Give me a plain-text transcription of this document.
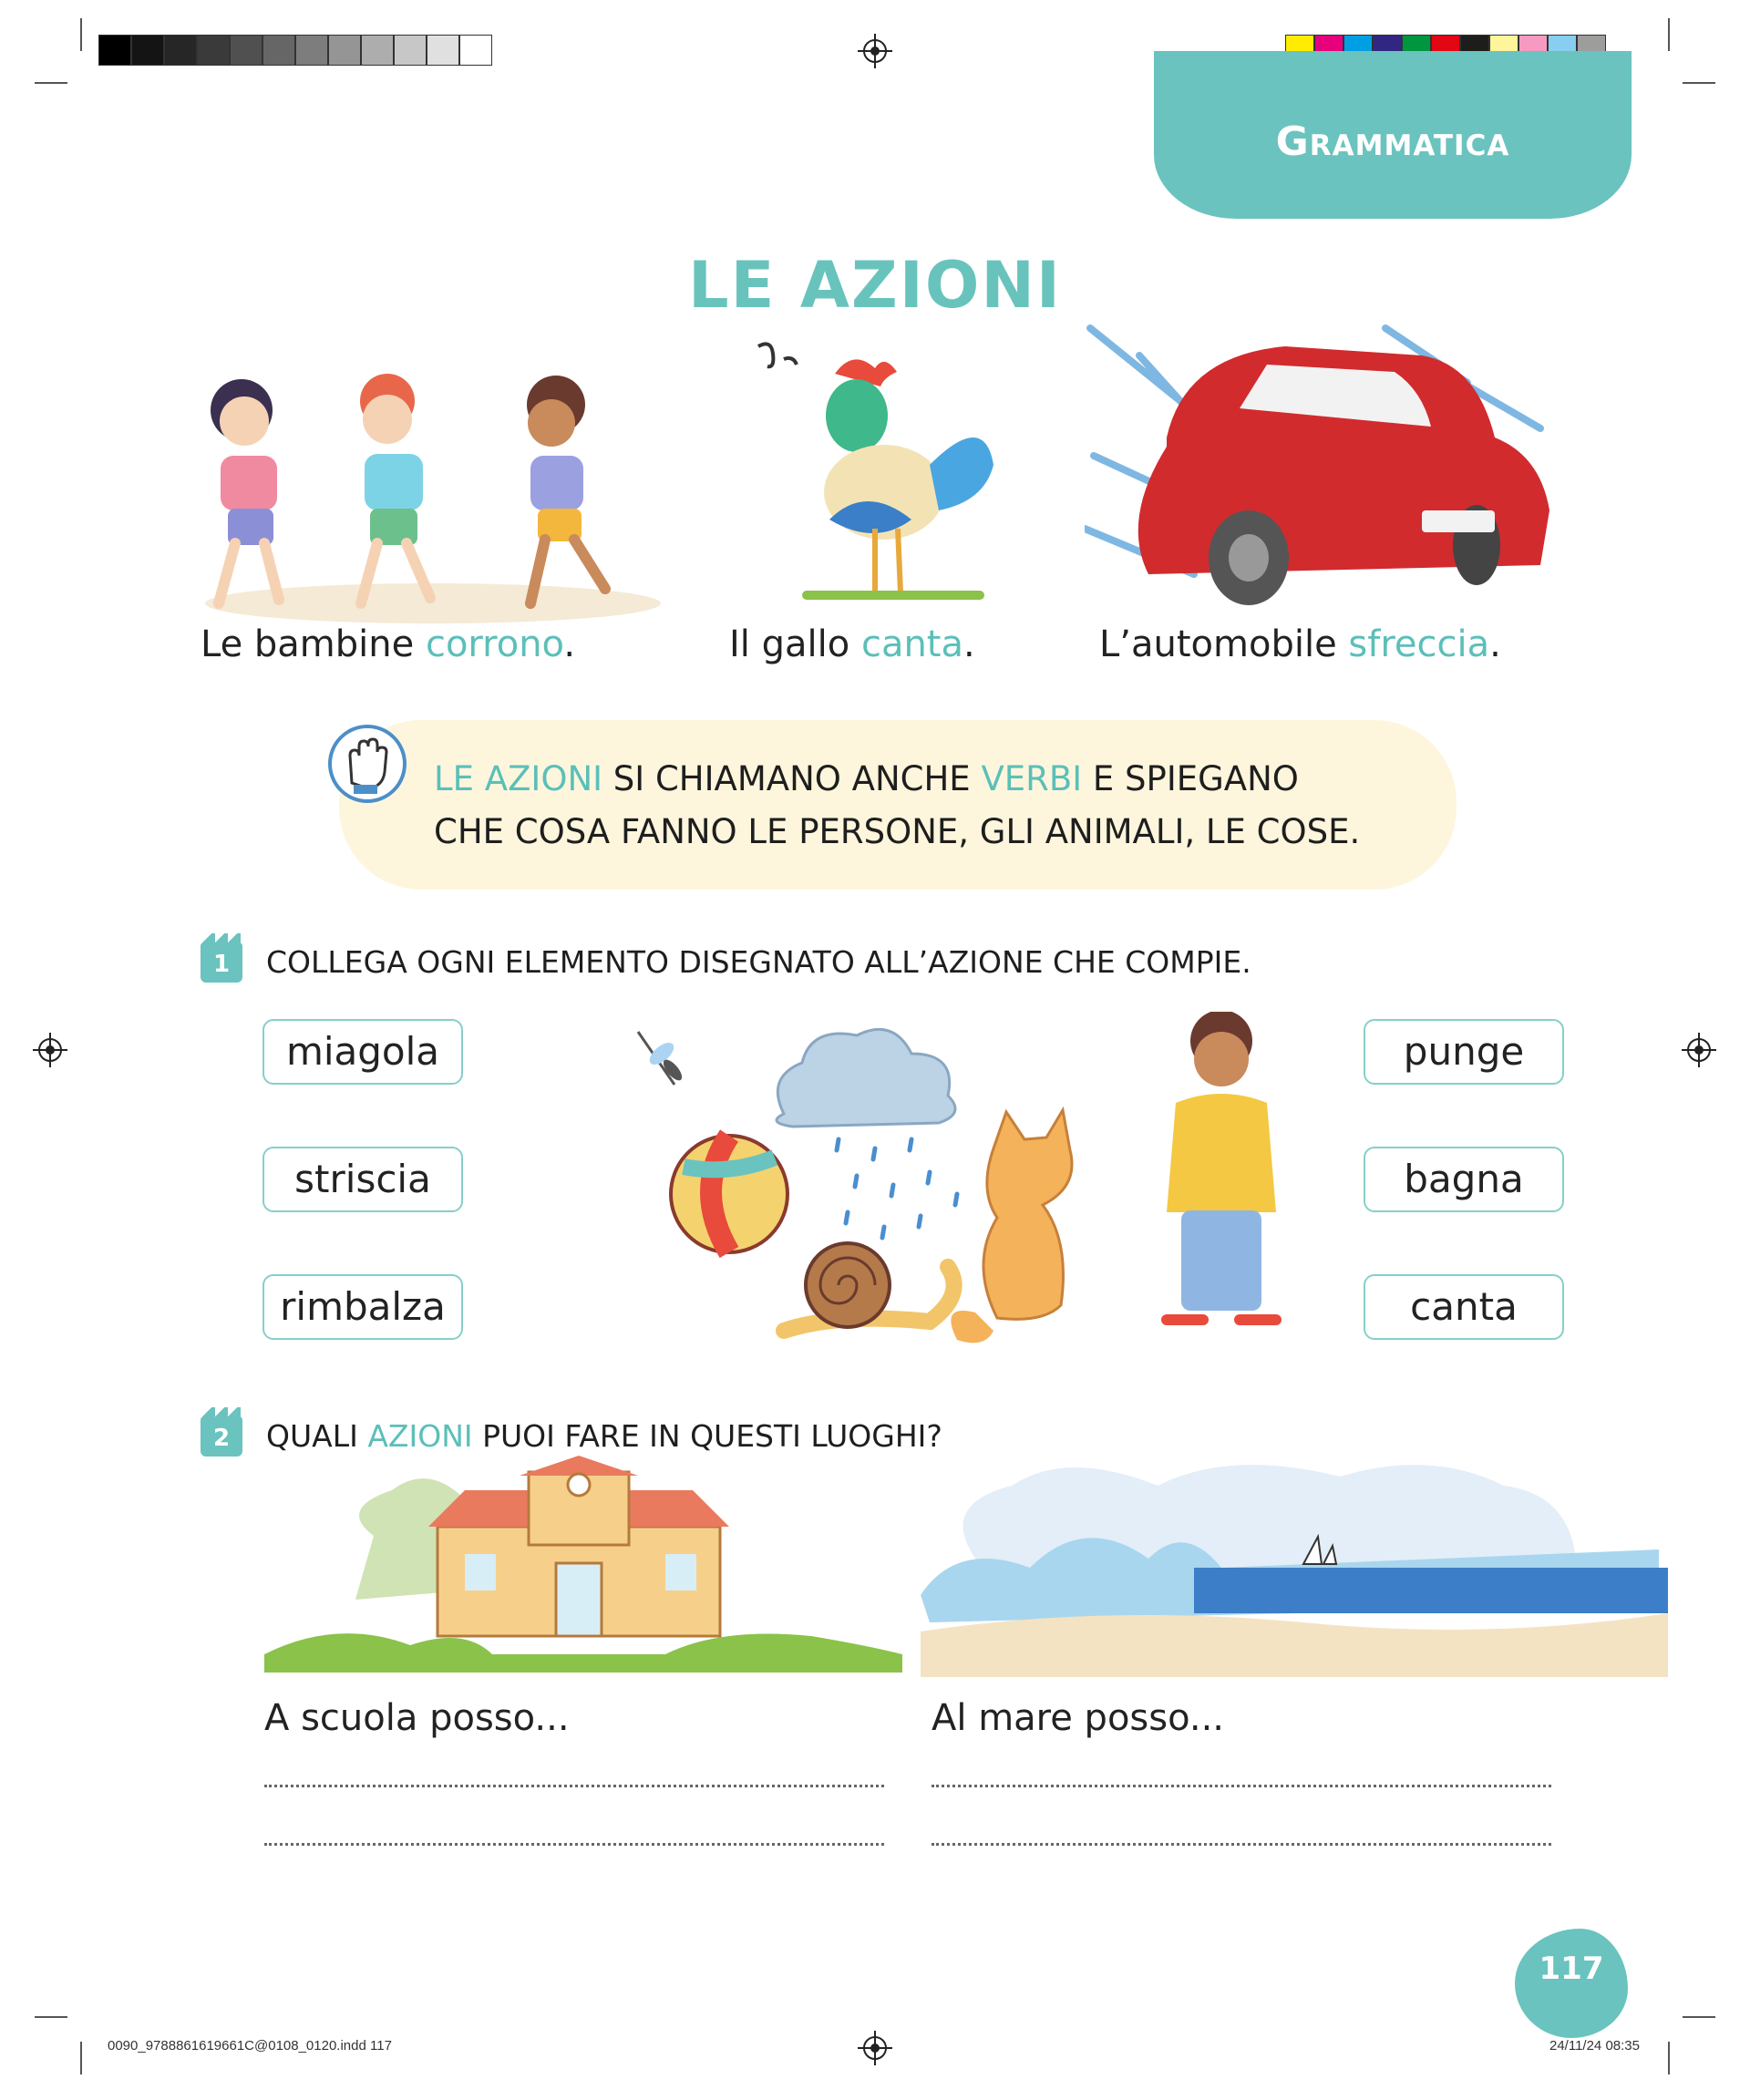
Grammatica
LE AZIONI
Le bambine corrono.	Il gallo canta.	L’automobile sfreccia.
LE AZIONI SI CHIAMANO ANCHE VERBI E SPIEGANO
CHE COSA FANNO LE PERSONE, GLI ANIMALI, LE COSE.
1	COLLEGA OGNI ELEMENTO DISEGNATO ALL’AZIONE CHE COMPIE.
miagola
striscia
rimbalza
punge
bagna
canta
2	QUALI AZIONI PUOI FARE IN QUESTI LUOGHI?
A scuola posso...	Al mare posso...
117
0090_9788861619661C@0108_0120.indd 117	24/11/24 08:35
